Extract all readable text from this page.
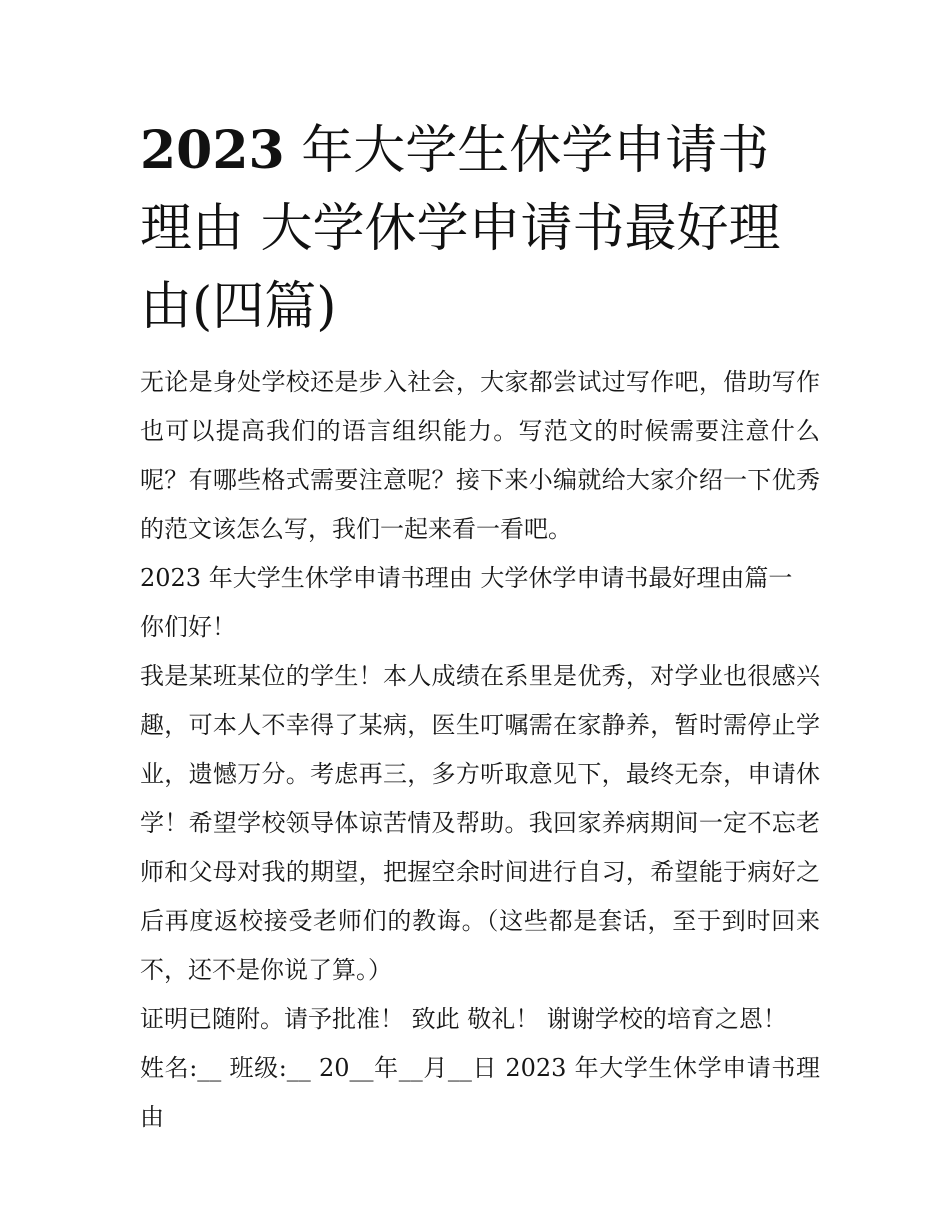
2023 年大学生休学申请书理由 大学休学申请书最好理由(四篇)

无论是身处学校还是步入社会，大家都尝试过写作吧，借助写作也可以提高我们的语言组织能力。写范文的时候需要注意什么呢？有哪些格式需要注意呢？接下来小编就给大家介绍一下优秀的范文该怎么写，我们一起来看一看吧。

2023 年大学生休学申请书理由 大学休学申请书最好理由篇一

你们好！

我是某班某位的学生！本人成绩在系里是优秀，对学业也很感兴趣，可本人不幸得了某病，医生叮嘱需在家静养，暂时需停止学业，遗憾万分。考虑再三，多方听取意见下，最终无奈，申请休学！希望学校领导体谅苦情及帮助。我回家养病期间一定不忘老师和父母对我的期望，把握空余时间进行自习，希望能于病好之后再度返校接受老师们的教诲。（这些都是套话，至于到时回来不，还不是你说了算。）

证明已随附。请予批准！ 致此 敬礼！ 谢谢学校的培育之恩！

姓名:__ 班级:__ 20__年__月__日 2023 年大学生休学申请书理由
